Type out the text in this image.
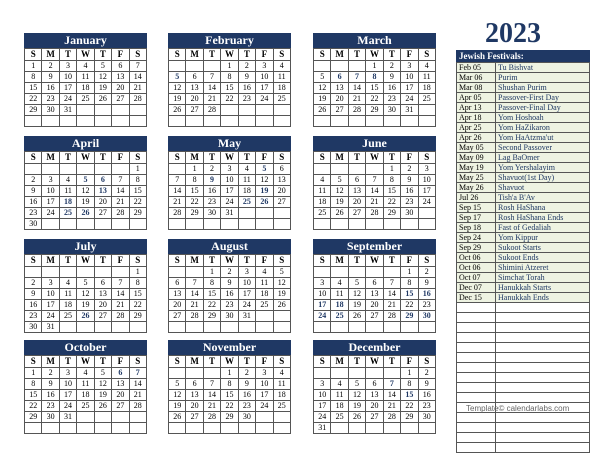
2023
January
S	M	T	W	T	F	S
1	2	3	4	5	6	7
8	9	10	11	12	13	14
15	16	17	18	19	20	21
22	23	24	25	26	27	28
29	30	31				

February
S	M	T	W	T	F	S
			1	2	3	4
5	6	7	8	9	10	11
12	13	14	15	16	17	18
19	20	21	22	23	24	25
26	27	28				

March
S	M	T	W	T	F	S
			1	2	3	4
5	6	7	8	9	10	11
12	13	14	15	16	17	18
19	20	21	22	23	24	25
26	27	28	29	30	31	

April
S	M	T	W	T	F	S
						1
2	3	4	5	6	7	8
9	10	11	12	13	14	15
16	17	18	19	20	21	22
23	24	25	26	27	28	29
30						
May
S	M	T	W	T	F	S
	1	2	3	4	5	6
7	8	9	10	11	12	13
14	15	16	17	18	19	20
21	22	23	24	25	26	27
28	29	30	31			

June
S	M	T	W	T	F	S
				1	2	3
4	5	6	7	8	9	10
11	12	13	14	15	16	17
18	19	20	21	22	23	24
25	26	27	28	29	30	

July
S	M	T	W	T	F	S
						1
2	3	4	5	6	7	8
9	10	11	12	13	14	15
16	17	18	19	20	21	22
23	24	25	26	27	28	29
30	31					
August
S	M	T	W	T	F	S
		1	2	3	4	5
6	7	8	9	10	11	12
13	14	15	16	17	18	19
20	21	22	23	24	25	26
27	28	29	30	31		

September
S	M	T	W	T	F	S
					1	2
3	4	5	6	7	8	9
10	11	12	13	14	15	16
17	18	19	20	21	22	23
24	25	26	27	28	29	30

October
S	M	T	W	T	F	S
1	2	3	4	5	6	7
8	9	10	11	12	13	14
15	16	17	18	19	20	21
22	23	24	25	26	27	28
29	30	31				

November
S	M	T	W	T	F	S
			1	2	3	4
5	6	7	8	9	10	11
12	13	14	15	16	17	18
19	20	21	22	23	24	25
26	27	28	29	30		

December
S	M	T	W	T	F	S
					1	2
3	4	5	6	7	8	9
10	11	12	13	14	15	16
17	18	19	20	21	22	23
24	25	26	27	28	29	30
31						
Jewish Festivals:
Feb 05	Tu Bishvat
Mar 06	Purim
Mar 08	Shushan Purim
Apr 05	Passover-First Day
Apr 13	Passover-Final Day
Apr 18	Yom Hoshoah
Apr 25	Yom HaZikaron
Apr 26	Yom HaAtzma'ut
May 05	Second Passover
May 09	Lag BaOmer
May 19	Yom Yershalayim
May 25	Shavuot(1st Day)
May 26	Shavuot
Jul 26	Tish'a B'Av
Sep 15	Rosh HaShana
Sep 17	Rosh HaShana Ends
Sep 18	Fast of Gedaliah
Sep 24	Yom Kippur
Sep 29	Sukoot Starts
Oct 06	Sukoot Ends
Oct 06	Shimini Atzeret
Oct 07	Simchat Torah
Dec 07	Hanukkah Starts
Dec 15	Hanukkah Ends

Template© calendarlabs.com
